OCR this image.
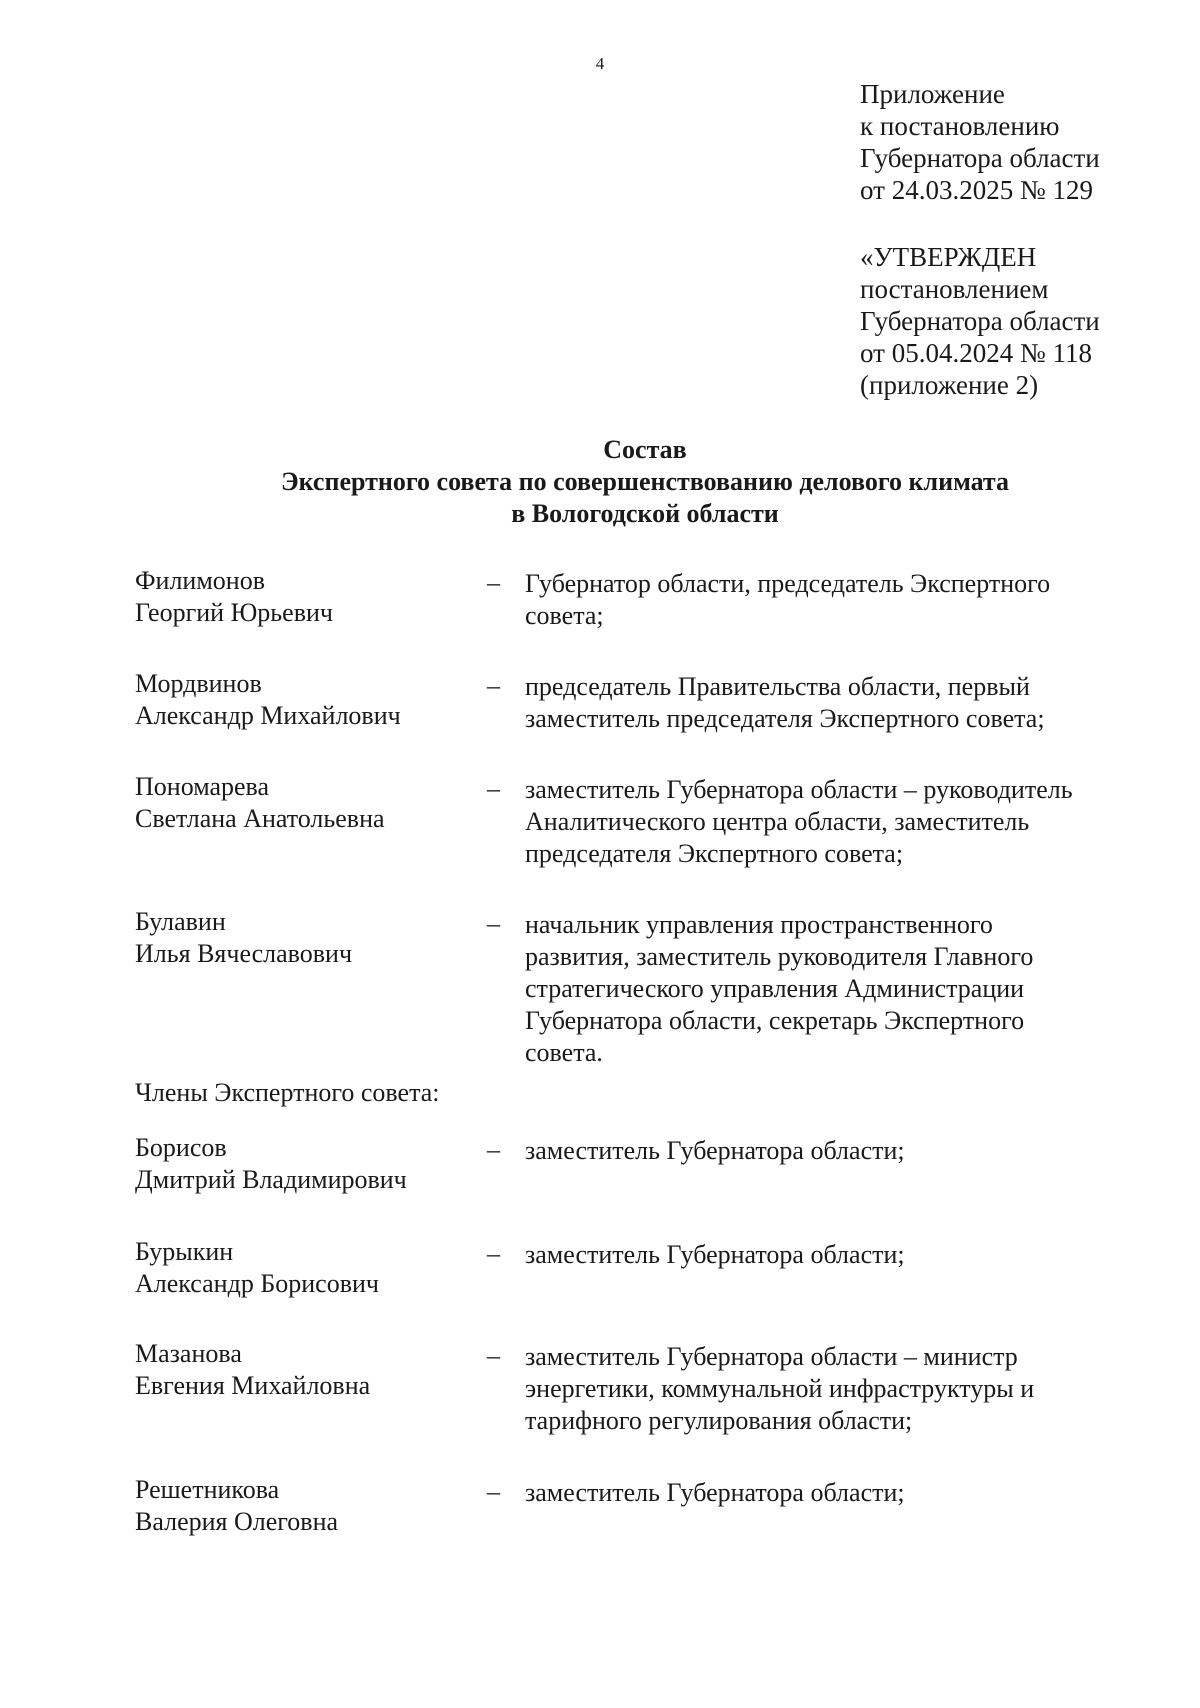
4
Приложение
к постановлению
Губернатора области
от 24.03.2025 № 129
«УТВЕРЖДЕН
постановлением
Губернатора области
от 05.04.2024 № 118
(приложение 2)
Состав
Экспертного совета по совершенствованию делового климата
в Вологодской области
Филимонов
Георгий Юрьевич
– Губернатор области, председатель Экспертного
совета;
Мордвинов
Александр Михайлович
– председатель Правительства области, первый
заместитель председателя Экспертного совета;
Пономарева
Светлана Анатольевна
– заместитель Губернатора области – руководитель
Аналитического центра области, заместитель
председателя Экспертного совета;
Булавин
Илья Вячеславович
– начальник управления пространственного
развития, заместитель руководителя Главного
стратегического управления Администрации
Губернатора области, секретарь Экспертного
совета.
Члены Экспертного совета:
Борисов
Дмитрий Владимирович
– заместитель Губернатора области;
Бурыкин
Александр Борисович
– заместитель Губернатора области;
Мазанова
Евгения Михайловна
– заместитель Губернатора области – министр
энергетики, коммунальной инфраструктуры и
тарифного регулирования области;
Решетникова
Валерия Олеговна
– заместитель Губернатора области;
